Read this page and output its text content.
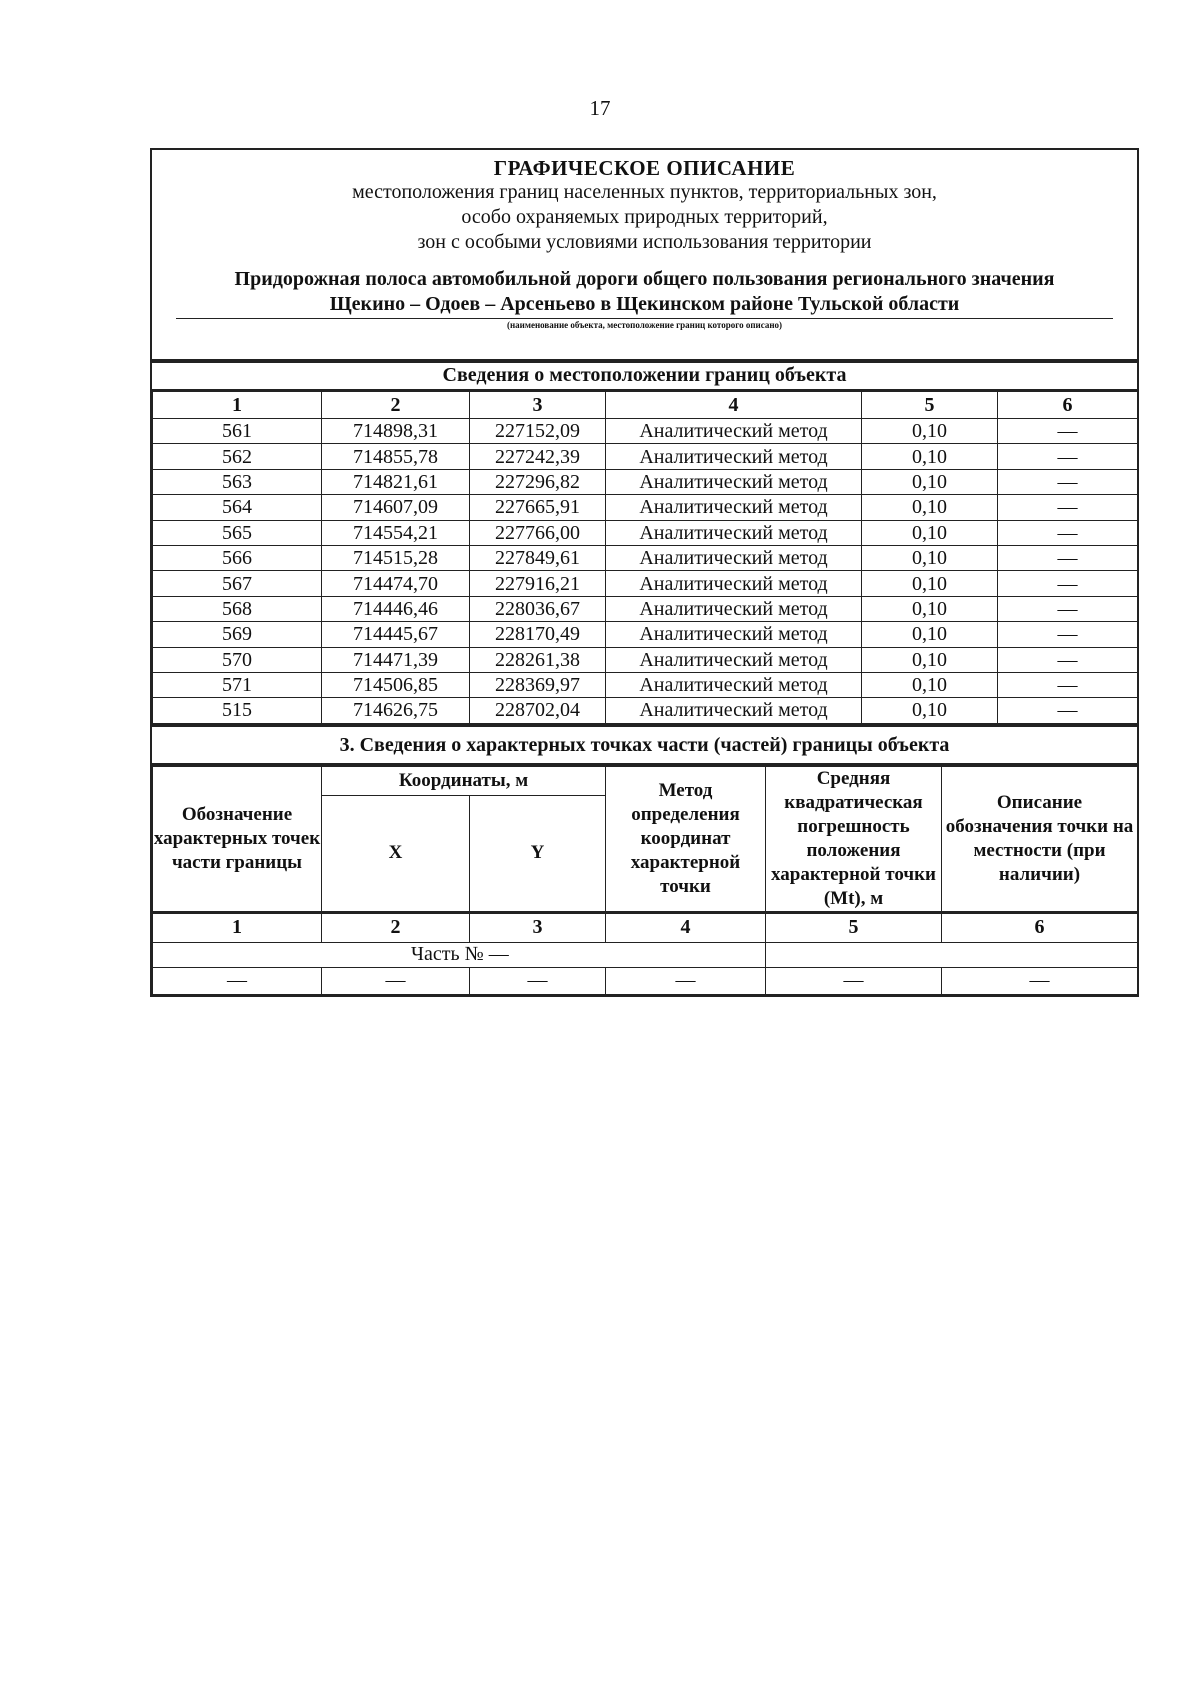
17
ГРАФИЧЕСКОЕ ОПИСАНИЕ
местоположения границ населенных пунктов, территориальных зон,
особо охраняемых природных территорий,
зон с особыми условиями использования территории
Придорожная полоса автомобильной дороги общего пользования регионального значения
Щекино – Одоев – Арсеньево в Щекинском районе Тульской области
(наименование объекта, местоположение границ которого описано)
Сведения о местоположении границ объекта
1	2	3	4	5	6
561	714898,31	227152,09	Аналитический метод	0,10	—
562	714855,78	227242,39	Аналитический метод	0,10	—
563	714821,61	227296,82	Аналитический метод	0,10	—
564	714607,09	227665,91	Аналитический метод	0,10	—
565	714554,21	227766,00	Аналитический метод	0,10	—
566	714515,28	227849,61	Аналитический метод	0,10	—
567	714474,70	227916,21	Аналитический метод	0,10	—
568	714446,46	228036,67	Аналитический метод	0,10	—
569	714445,67	228170,49	Аналитический метод	0,10	—
570	714471,39	228261,38	Аналитический метод	0,10	—
571	714506,85	228369,97	Аналитический метод	0,10	—
515	714626,75	228702,04	Аналитический метод	0,10	—
3. Сведения о характерных точках части (частей) границы объекта
Обозначение характерных точек части границы	Координаты, м		Метод определения координат характерной точки	Средняя квадратическая погрешность положения характерной точки (Mt), м	Описание обозначения точки на местности (при наличии)
	X	Y			
1	2	3	4	5	6
Часть № —					
—	—	—	—	—	—
